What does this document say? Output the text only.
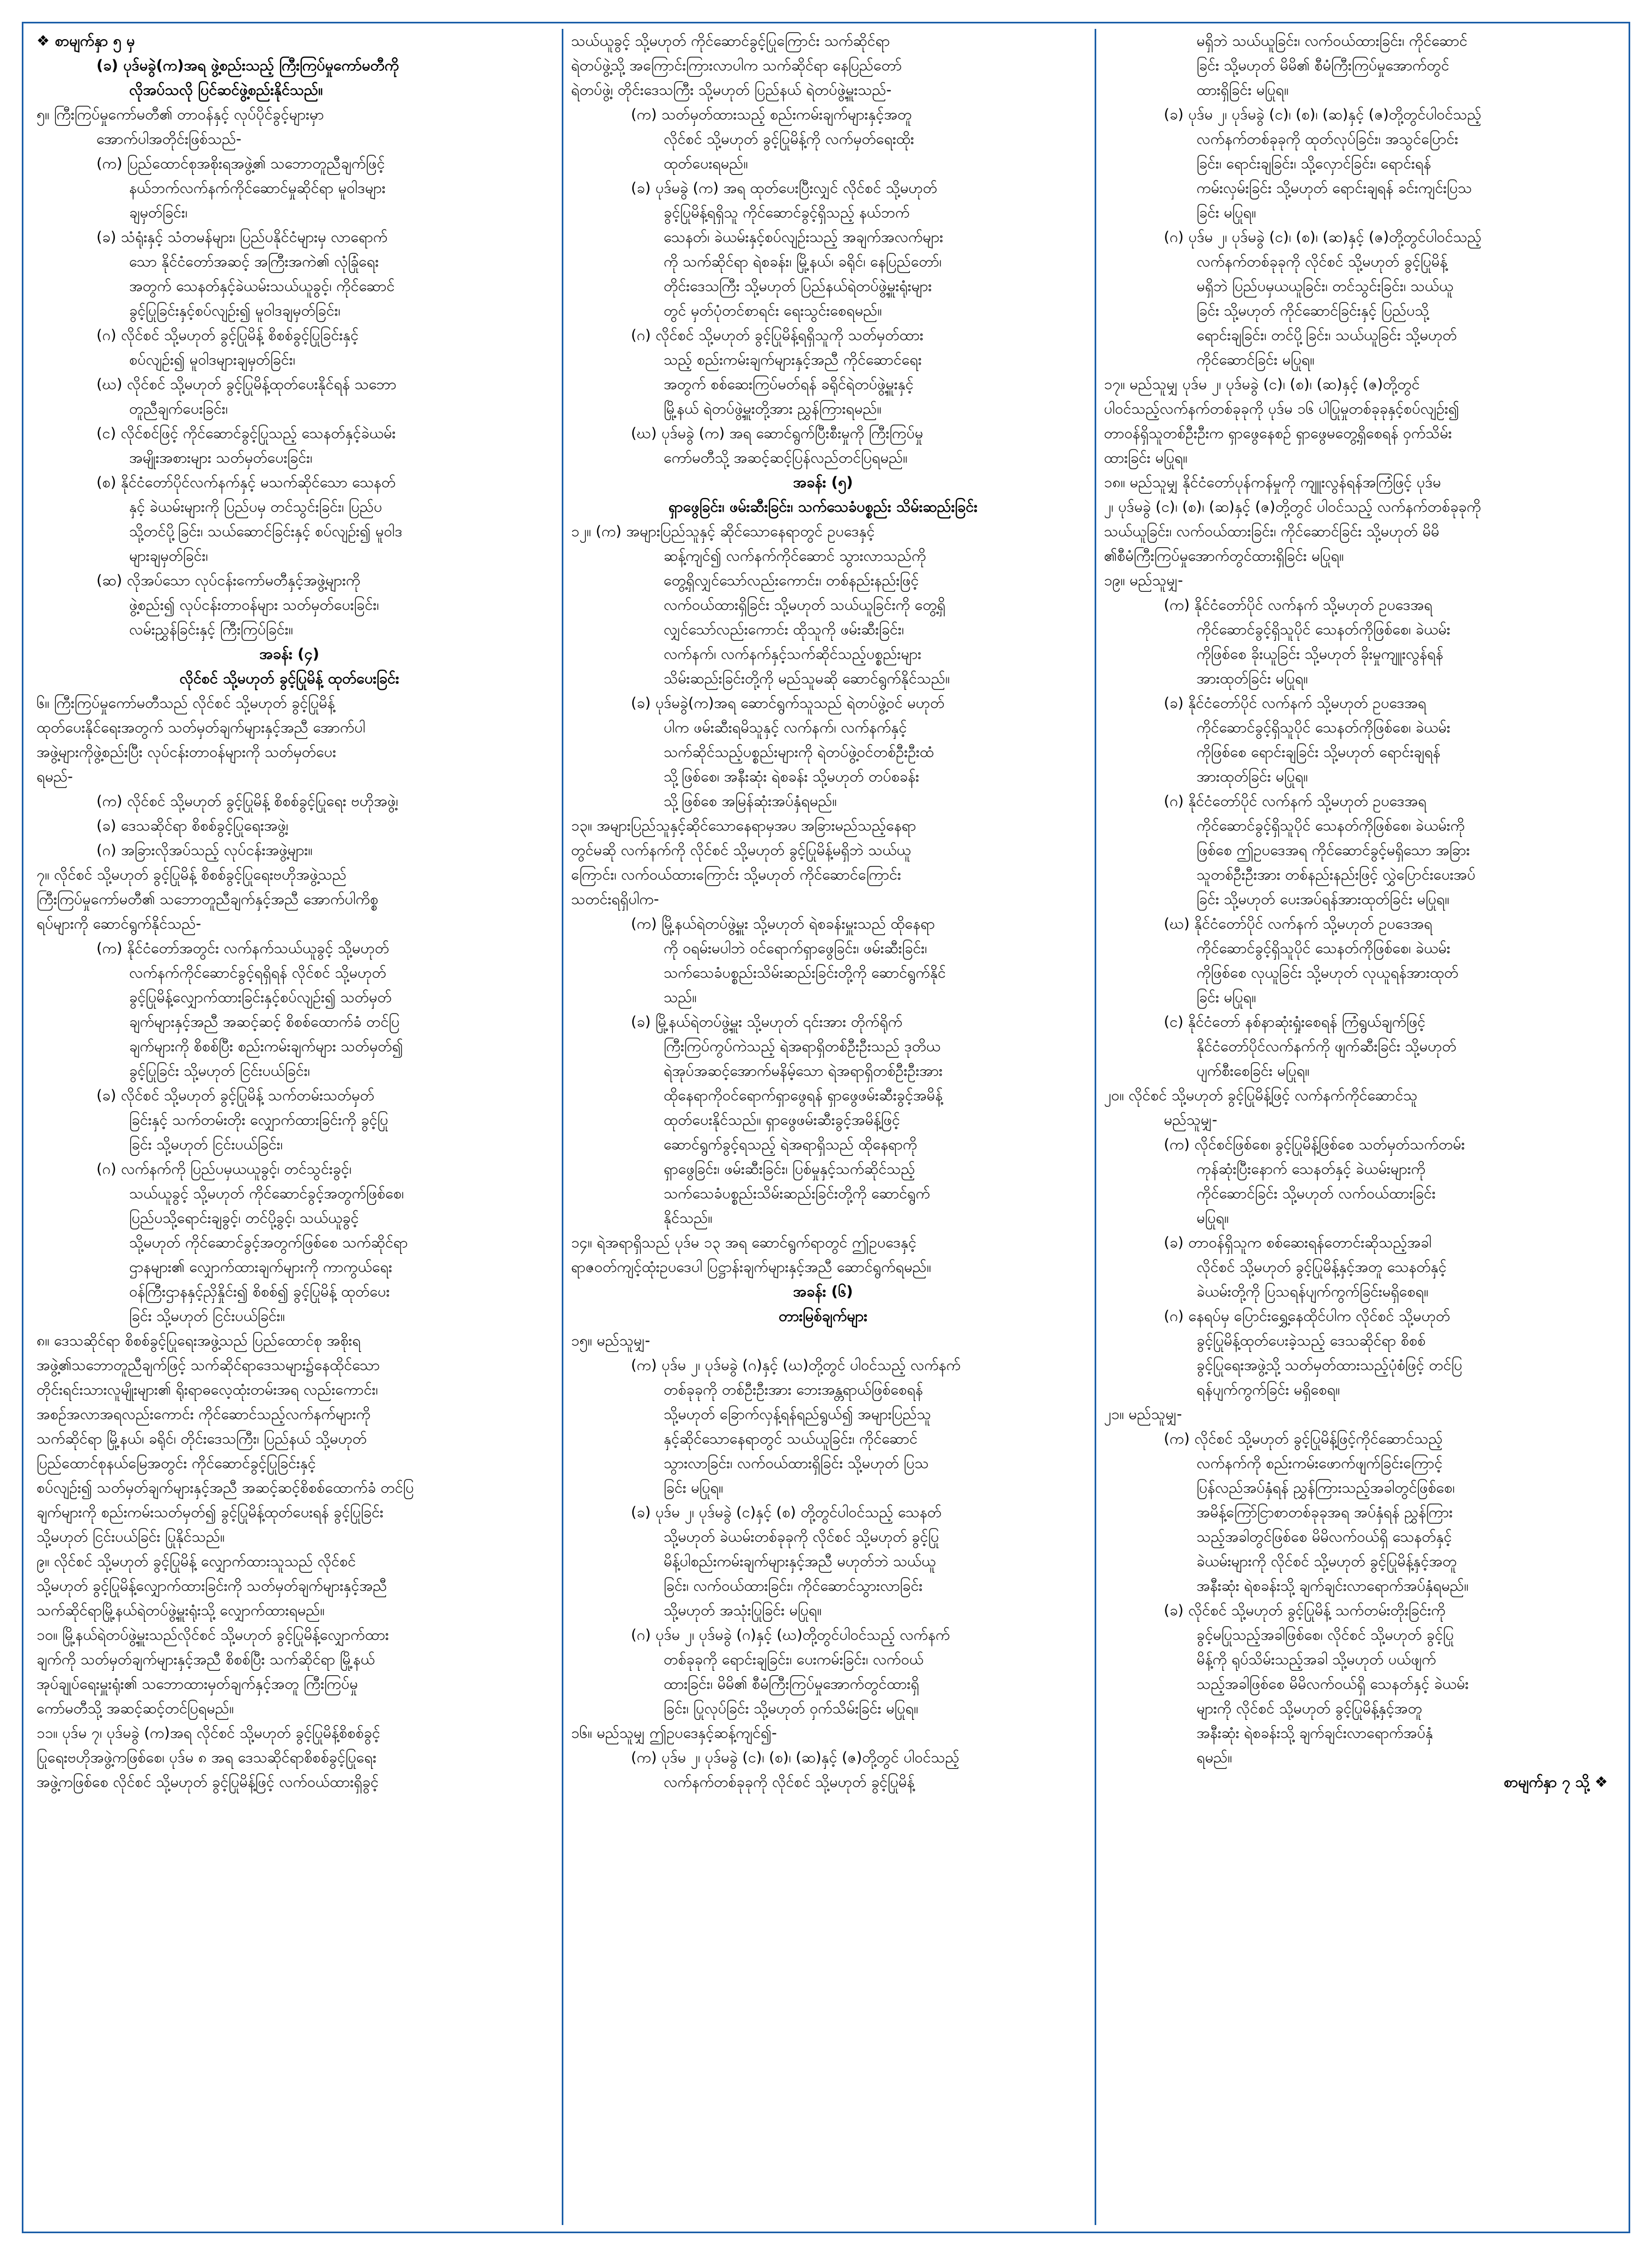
❖ စာမျက်နှာ ၅ မှ
(ခ) ပုဒ်မခွဲ(က)အရ ဖွဲ့စည်းသည့် ကြီးကြပ်မှုကော်မတီကို
လိုအပ်သလို ပြင်ဆင်ဖွဲ့စည်းနိုင်သည်။
၅။ ကြီးကြပ်မှုကော်မတီ၏ တာဝန်နှင့် လုပ်ပိုင်ခွင့်များမှာ
အောက်ပါအတိုင်းဖြစ်သည်-
(က) ပြည်ထောင်စုအစိုးရအဖွဲ့၏ သဘောတူညီချက်ဖြင့်
နယ်ဘက်လက်နက်ကိုင်ဆောင်မှုဆိုင်ရာ မူဝါဒများ
ချမှတ်ခြင်း၊
(ခ) သံရုံးနှင့် သံတမန်များ၊ ပြည်ပနိုင်ငံများမှ လာရောက်
သော နိုင်ငံတော်အဆင့် အကြီးအကဲ၏ လုံခြုံရေး
အတွက် သေနတ်နှင့်ခဲယမ်းသယ်ယူခွင့်၊ ကိုင်ဆောင်
ခွင့်ပြုခြင်းနှင့်စပ်လျဉ်း၍ မူဝါဒချမှတ်ခြင်း၊
(ဂ) လိုင်စင် သို့မဟုတ် ခွင့်ပြုမိန့် စိစစ်ခွင့်ပြုခြင်းနှင့်
စပ်လျဉ်း၍ မူဝါဒများချမှတ်ခြင်း၊
(ဃ) လိုင်စင် သို့မဟုတ် ခွင့်ပြုမိန့်ထုတ်ပေးနိုင်ရန် သဘော
တူညီချက်ပေးခြင်း၊
(င) လိုင်စင်ဖြင့် ကိုင်ဆောင်ခွင့်ပြုသည့် သေနတ်နှင့်ခဲယမ်း
အမျိုးအစားများ သတ်မှတ်ပေးခြင်း၊
(စ) နိုင်ငံတော်ပိုင်လက်နက်နှင့် မသက်ဆိုင်သော သေနတ်
နှင့် ခဲယမ်းများကို ပြည်ပမှ တင်သွင်းခြင်း၊ ပြည်ပ
သို့တင်ပို့ခြင်း၊ သယ်ဆောင်ခြင်းနှင့် စပ်လျဉ်း၍ မူဝါဒ
များချမှတ်ခြင်း၊
(ဆ) လိုအပ်သော လုပ်ငန်းကော်မတီနှင့်အဖွဲ့များကို
ဖွဲ့စည်း၍ လုပ်ငန်းတာဝန်များ သတ်မှတ်ပေးခြင်း၊
လမ်းညွှန်ခြင်းနှင့် ကြီးကြပ်ခြင်း။
အခန်း (၄)
လိုင်စင် သို့မဟုတ် ခွင့်ပြုမိန့် ထုတ်ပေးခြင်း
၆။ ကြီးကြပ်မှုကော်မတီသည် လိုင်စင် သို့မဟုတ် ခွင့်ပြုမိန့်
ထုတ်ပေးနိုင်ရေးအတွက် သတ်မှတ်ချက်များနှင့်အညီ အောက်ပါ
အဖွဲ့များကိုဖွဲ့စည်းပြီး လုပ်ငန်းတာဝန်များကို သတ်မှတ်ပေး
ရမည်-
(က) လိုင်စင် သို့မဟုတ် ခွင့်ပြုမိန့် စိစစ်ခွင့်ပြုရေး ဗဟိုအဖွဲ့၊
(ခ) ဒေသဆိုင်ရာ စိစစ်ခွင့်ပြုရေးအဖွဲ့၊
(ဂ) အခြားလိုအပ်သည့် လုပ်ငန်းအဖွဲ့များ။
၇။ လိုင်စင် သို့မဟုတ် ခွင့်ပြုမိန့် စိစစ်ခွင့်ပြုရေးဗဟိုအဖွဲ့သည်
ကြီးကြပ်မှုကော်မတီ၏ သဘောတူညီချက်နှင့်အညီ အောက်ပါကိစ္စ
ရပ်များကို ဆောင်ရွက်နိုင်သည်-
(က) နိုင်ငံတော်အတွင်း လက်နက်သယ်ယူခွင့် သို့မဟုတ်
လက်နက်ကိုင်ဆောင်ခွင့်ရရှိရန် လိုင်စင် သို့မဟုတ်
ခွင့်ပြုမိန့်လျှောက်ထားခြင်းနှင့်စပ်လျဉ်း၍ သတ်မှတ်
ချက်များနှင့်အညီ အဆင့်ဆင့် စိစစ်ထောက်ခံ တင်ပြ
ချက်များကို စိစစ်ပြီး စည်းကမ်းချက်များ သတ်မှတ်၍
ခွင့်ပြုခြင်း သို့မဟုတ် ငြင်းပယ်ခြင်း၊
(ခ) လိုင်စင် သို့မဟုတ် ခွင့်ပြုမိန့် သက်တမ်းသတ်မှတ်
ခြင်းနှင့် သက်တမ်းတိုး လျှောက်ထားခြင်းကို ခွင့်ပြု
ခြင်း သို့မဟုတ် ငြင်းပယ်ခြင်း၊
(ဂ) လက်နက်ကို ပြည်ပမှယယူခွင့်၊ တင်သွင်းခွင့်၊
သယ်ယူခွင့် သို့မဟုတ် ကိုင်ဆောင်ခွင့်အတွက်ဖြစ်စေ၊
ပြည်ပသို့ရောင်းချခွင့်၊ တင်ပို့ခွင့်၊ သယ်ယူခွင့်
သို့မဟုတ် ကိုင်ဆောင်ခွင့်အတွက်ဖြစ်စေ သက်ဆိုင်ရာ
ဌာနများ၏ လျှောက်ထားချက်များကို ကာကွယ်ရေး
ဝန်ကြီးဌာနနှင့်ညှိနှိုင်း၍ စိစစ်၍ ခွင့်ပြုမိန့် ထုတ်ပေး
ခြင်း သို့မဟုတ် ငြင်းပယ်ခြင်း။
၈။ ဒေသဆိုင်ရာ စိစစ်ခွင့်ပြုရေးအဖွဲ့သည် ပြည်ထောင်စု အစိုးရ
အဖွဲ့၏သဘောတူညီချက်ဖြင့် သက်ဆိုင်ရာဒေသများ၌နေထိုင်သော
တိုင်းရင်းသားလူမျိုးများ၏ ရိုးရာဓလေ့ထုံးတမ်းအရ လည်းကောင်း၊
အစဉ်အလာအရလည်းကောင်း ကိုင်ဆောင်သည့်လက်နက်များကို
သက်ဆိုင်ရာ မြို့နယ်၊ ခရိုင်၊ တိုင်းဒေသကြီး၊ ပြည်နယ် သို့မဟုတ်
ပြည်ထောင်စုနယ်မြေအတွင်း ကိုင်ဆောင်ခွင့်ပြုခြင်းနှင့်
စပ်လျဉ်း၍ သတ်မှတ်ချက်များနှင့်အညီ အဆင့်ဆင့်စိစစ်ထောက်ခံ တင်ပြ
ချက်များကို စည်းကမ်းသတ်မှတ်၍ ခွင့်ပြုမိန့်ထုတ်ပေးရန် ခွင့်ပြုခြင်း
သို့မဟုတ် ငြင်းပယ်ခြင်း ပြုနိုင်သည်။
၉။ လိုင်စင် သို့မဟုတ် ခွင့်ပြုမိန့် လျှောက်ထားသူသည် လိုင်စင်
သို့မဟုတ် ခွင့်ပြုမိန့်လျှောက်ထားခြင်းကို သတ်မှတ်ချက်များနှင့်အညီ
သက်ဆိုင်ရာမြို့နယ်ရဲတပ်ဖွဲ့မှူးရုံးသို့ လျှောက်ထားရမည်။
၁၀။ မြို့နယ်ရဲတပ်ဖွဲ့မှူးသည်လိုင်စင် သို့မဟုတ် ခွင့်ပြုမိန့်လျှောက်ထား
ချက်ကို သတ်မှတ်ချက်များနှင့်အညီ စိစစ်ပြီး သက်ဆိုင်ရာ မြို့နယ်
အုပ်ချုပ်ရေးမှူးရုံး၏ သဘောထားမှတ်ချက်နှင့်အတူ ကြီးကြပ်မှု
ကော်မတီသို့ အဆင့်ဆင့်တင်ပြရမည်။
၁၁။ ပုဒ်မ ၇၊ ပုဒ်မခွဲ (က)အရ လိုင်စင် သို့မဟုတ် ခွင့်ပြုမိန့်စိစစ်ခွင့်
ပြုရေးဗဟိုအဖွဲ့ကဖြစ်စေ၊ ပုဒ်မ ၈ အရ ဒေသဆိုင်ရာစိစစ်ခွင့်ပြုရေး
အဖွဲ့ကဖြစ်စေ လိုင်စင် သို့မဟုတ် ခွင့်ပြုမိန့်ဖြင့် လက်ဝယ်ထားရှိခွင့်
သယ်ယူခွင့် သို့မဟုတ် ကိုင်ဆောင်ခွင့်ပြုကြောင်း သက်ဆိုင်ရာ
ရဲတပ်ဖွဲ့သို့ အကြောင်းကြားလာပါက သက်ဆိုင်ရာ နေပြည်တော်
ရဲတပ်ဖွဲ့၊ တိုင်းဒေသကြီး သို့မဟုတ် ပြည်နယ် ရဲတပ်ဖွဲ့မှူးသည်-
(က) သတ်မှတ်ထားသည့် စည်းကမ်းချက်များနှင့်အတူ
လိုင်စင် သို့မဟုတ် ခွင့်ပြုမိန့်ကို လက်မှတ်ရေးထိုး
ထုတ်ပေးရမည်။
(ခ) ပုဒ်မခွဲ (က) အရ ထုတ်ပေးပြီးလျှင် လိုင်စင် သို့မဟုတ်
ခွင့်ပြုမိန့်ရရှိသူ ကိုင်ဆောင်ခွင့်ရှိသည့် နယ်ဘက်
သေနတ်၊ ခဲယမ်းနှင့်စပ်လျဉ်းသည့် အချက်အလက်များ
ကို သက်ဆိုင်ရာ ရဲစခန်း၊ မြို့နယ်၊ ခရိုင်၊ နေပြည်တော်၊
တိုင်းဒေသကြီး သို့မဟုတ် ပြည်နယ်ရဲတပ်ဖွဲ့မှူးရုံးများ
တွင် မှတ်ပုံတင်စာရင်း ရေးသွင်းစေရမည်။
(ဂ) လိုင်စင် သို့မဟုတ် ခွင့်ပြုမိန့်ရရှိသူကို သတ်မှတ်ထား
သည့် စည်းကမ်းချက်များနှင့်အညီ ကိုင်ဆောင်ရေး
အတွက် စစ်ဆေးကြပ်မတ်ရန် ခရိုင်ရဲတပ်ဖွဲ့မှူးနှင့်
မြို့နယ် ရဲတပ်ဖွဲ့မှူးတို့အား ညွှန်ကြားရမည်။
(ဃ) ပုဒ်မခွဲ (က) အရ ဆောင်ရွက်ပြီးစီးမှုကို ကြီးကြပ်မှု
ကော်မတီသို့ အဆင့်ဆင့်ပြန်လည်တင်ပြရမည်။
အခန်း (၅)
ရှာဖွေခြင်း၊ ဖမ်းဆီးခြင်း၊ သက်သေခံပစ္စည်း သိမ်းဆည်းခြင်း
၁၂။ (က) အများပြည်သူနှင့် ဆိုင်သောနေရာတွင် ဥပဒေနှင့်
ဆန့်ကျင်၍ လက်နက်ကိုင်ဆောင် သွားလာသည်ကို
တွေ့ရှိလျှင်သော်လည်းကောင်း၊ တစ်နည်းနည်းဖြင့်
လက်ဝယ်ထားရှိခြင်း သို့မဟုတ် သယ်ယူခြင်းကို တွေ့ရှိ
လျှင်သော်လည်းကောင်း ထိုသူကို ဖမ်းဆီးခြင်း၊
လက်နက်၊ လက်နက်နှင့်သက်ဆိုင်သည့်ပစ္စည်းများ
သိမ်းဆည်းခြင်းတို့ကို မည်သူမဆို ဆောင်ရွက်နိုင်သည်။
(ခ) ပုဒ်မခွဲ(က)အရ ဆောင်ရွက်သူသည် ရဲတပ်ဖွဲ့ဝင် မဟုတ်
ပါက ဖမ်းဆီးရမိသူနှင့် လက်နက်၊ လက်နက်နှင့်
သက်ဆိုင်သည့်ပစ္စည်းများကို ရဲတပ်ဖွဲ့ဝင်တစ်ဦးဦးထံ
သို့ဖြစ်စေ၊ အနီးဆုံး ရဲစခန်း သို့မဟုတ် တပ်စခန်း
သို့ဖြစ်စေ အမြန်ဆုံးအပ်နှံရမည်။
၁၃။ အများပြည်သူနှင့်ဆိုင်သောနေရာမှအပ အခြားမည်သည့်နေရာ
တွင်မဆို လက်နက်ကို လိုင်စင် သို့မဟုတ် ခွင့်ပြုမိန့်မရှိဘဲ သယ်ယူ
ကြောင်း၊ လက်ဝယ်ထားကြောင်း သို့မဟုတ် ကိုင်ဆောင်ကြောင်း
သတင်းရရှိပါက-
(က) မြို့နယ်ရဲတပ်ဖွဲ့မှူး သို့မဟုတ် ရဲစခန်းမှူးသည် ထိုနေရာ
ကို ဝရမ်းမပါဘဲ ဝင်ရောက်ရှာဖွေခြင်း၊ ဖမ်းဆီးခြင်း၊
သက်သေခံပစ္စည်းသိမ်းဆည်းခြင်းတို့ကို ဆောင်ရွက်နိုင်
သည်။
(ခ) မြို့နယ်ရဲတပ်ဖွဲ့မှူး သို့မဟုတ် ၎င်းအား တိုက်ရိုက်
ကြီးကြပ်ကွပ်ကဲသည့် ရဲအရာရှိတစ်ဦးဦးသည် ဒုတိယ
ရဲအုပ်အဆင့်အောက်မနိမ့်သော ရဲအရာရှိတစ်ဦးဦးအား
ထိုနေရာကိုဝင်ရောက်ရှာဖွေရန် ရှာဖွေဖမ်းဆီးခွင့်အမိန့်
ထုတ်ပေးနိုင်သည်။ ရှာဖွေဖမ်းဆီးခွင့်အမိန့်ဖြင့်
ဆောင်ရွက်ခွင့်ရသည့် ရဲအရာရှိသည် ထိုနေရာကို
ရှာဖွေခြင်း၊ ဖမ်းဆီးခြင်း၊ ပြစ်မှုနှင့်သက်ဆိုင်သည့်
သက်သေခံပစ္စည်းသိမ်းဆည်းခြင်းတို့ကို ဆောင်ရွက်
နိုင်သည်။
၁၄။ ရဲအရာရှိသည် ပုဒ်မ ၁၃ အရ ဆောင်ရွက်ရာတွင် ဤဥပဒေနှင့်
ရာဇဝတ်ကျင့်ထုံးဥပဒေပါ ပြဋ္ဌာန်းချက်များနှင့်အညီ ဆောင်ရွက်ရမည်။
အခန်း (၆)
တားမြစ်ချက်များ
၁၅။ မည်သူမျှ-
(က) ပုဒ်မ ၂၊ ပုဒ်မခွဲ (ဂ)နှင့် (ဃ)တို့တွင် ပါဝင်သည့် လက်နက်
တစ်ခုခုကို တစ်ဦးဦးအား ဘေးအန္တရာယ်ဖြစ်စေရန်
သို့မဟုတ် ခြောက်လှန့်ရန်ရည်ရွယ်၍ အများပြည်သူ
နှင့်ဆိုင်သောနေရာတွင် သယ်ယူခြင်း၊ ကိုင်ဆောင်
သွားလာခြင်း၊ လက်ဝယ်ထားရှိခြင်း သို့မဟုတ် ပြသ
ခြင်း မပြုရ။
(ခ) ပုဒ်မ ၂၊ ပုဒ်မခွဲ (င)နှင့် (စ) တို့တွင်ပါဝင်သည့် သေနတ်
သို့မဟုတ် ခဲယမ်းတစ်ခုခုကို လိုင်စင် သို့မဟုတ် ခွင့်ပြု
မိန့်ပါစည်းကမ်းချက်များနှင့်အညီ မဟုတ်ဘဲ သယ်ယူ
ခြင်း၊ လက်ဝယ်ထားခြင်း၊ ကိုင်ဆောင်သွားလာခြင်း
သို့မဟုတ် အသုံးပြုခြင်း မပြုရ။
(ဂ) ပုဒ်မ ၂၊ ပုဒ်မခွဲ (ဂ)နှင့် (ဃ)တို့တွင်ပါဝင်သည့် လက်နက်
တစ်ခုခုကို ရောင်းချခြင်း၊ ပေးကမ်းခြင်း၊ လက်ဝယ်
ထားခြင်း၊ မိမိ၏ စီမံကြီးကြပ်မှုအောက်တွင်ထားရှိ
ခြင်း၊ ပြုလုပ်ခြင်း သို့မဟုတ် ဝှက်သိမ်းခြင်း မပြုရ။
၁၆။ မည်သူမျှ ဤဥပဒေနှင့်ဆန့်ကျင်၍-
(က) ပုဒ်မ ၂၊ ပုဒ်မခွဲ (င)၊ (စ)၊ (ဆ)နှင့် (ဇ)တို့တွင် ပါဝင်သည့်
လက်နက်တစ်ခုခုကို လိုင်စင် သို့မဟုတ် ခွင့်ပြုမိန့်
မရှိဘဲ သယ်ယူခြင်း၊ လက်ဝယ်ထားခြင်း၊ ကိုင်ဆောင်
ခြင်း သို့မဟုတ် မိမိ၏ စီမံကြီးကြပ်မှုအောက်တွင်
ထားရှိခြင်း မပြုရ။
(ခ) ပုဒ်မ ၂၊ ပုဒ်မခွဲ (င)၊ (စ)၊ (ဆ)နှင့် (ဇ)တို့တွင်ပါဝင်သည့်
လက်နက်တစ်ခုခုကို ထုတ်လုပ်ခြင်း၊ အသွင်ပြောင်း
ခြင်း၊ ရောင်းချခြင်း၊ သို့လှောင်ခြင်း၊ ရောင်းရန်
ကမ်းလှမ်းခြင်း သို့မဟုတ် ရောင်းချရန် ခင်းကျင်းပြသ
ခြင်း မပြုရ။
(ဂ) ပုဒ်မ ၂၊ ပုဒ်မခွဲ (င)၊ (စ)၊ (ဆ)နှင့် (ဇ)တို့တွင်ပါဝင်သည့်
လက်နက်တစ်ခုခုကို လိုင်စင် သို့မဟုတ် ခွင့်ပြုမိန့်
မရှိဘဲ ပြည်ပမှယယူခြင်း၊ တင်သွင်းခြင်း၊ သယ်ယူ
ခြင်း သို့မဟုတ် ကိုင်ဆောင်ခြင်းနှင့် ပြည်ပသို့
ရောင်းချခြင်း၊ တင်ပို့ခြင်း၊ သယ်ယူခြင်း သို့မဟုတ်
ကိုင်ဆောင်ခြင်း မပြုရ။
၁၇။ မည်သူမျှ ပုဒ်မ ၂၊ ပုဒ်မခွဲ (င)၊ (စ)၊ (ဆ)နှင့် (ဇ)တို့တွင်
ပါဝင်သည့်လက်နက်တစ်ခုခုကို ပုဒ်မ ၁၆ ပါပြုမှုတစ်ခုခုနှင့်စပ်လျဉ်း၍
တာဝန်ရှိသူတစ်ဦးဦးက ရှာဖွေနေစဉ် ရှာဖွေမတွေ့ရှိစေရန် ဝှက်သိမ်း
ထားခြင်း မပြုရ။
၁၈။ မည်သူမျှ နိုင်ငံတော်ပုန်ကန်မှုကို ကျူးလွန်ရန်အကြံဖြင့် ပုဒ်မ
၂၊ ပုဒ်မခွဲ (င)၊ (စ)၊ (ဆ)နှင့် (ဇ)တို့တွင် ပါဝင်သည့် လက်နက်တစ်ခုခုကို
သယ်ယူခြင်း၊ လက်ဝယ်ထားခြင်း၊ ကိုင်ဆောင်ခြင်း သို့မဟုတ် မိမိ
၏စီမံကြီးကြပ်မှုအောက်တွင်ထားရှိခြင်း မပြုရ။
၁၉။ မည်သူမျှ-
(က) နိုင်ငံတော်ပိုင် လက်နက် သို့မဟုတ် ဥပဒေအရ
ကိုင်ဆောင်ခွင့်ရှိသူပိုင် သေနတ်ကိုဖြစ်စေ၊ ခဲယမ်း
ကိုဖြစ်စေ ခိုးယူခြင်း သို့မဟုတ် ခိုးမှုကျူးလွန်ရန်
အားထုတ်ခြင်း မပြုရ။
(ခ) နိုင်ငံတော်ပိုင် လက်နက် သို့မဟုတ် ဥပဒေအရ
ကိုင်ဆောင်ခွင့်ရှိသူပိုင် သေနတ်ကိုဖြစ်စေ၊ ခဲယမ်း
ကိုဖြစ်စေ ရောင်းချခြင်း သို့မဟုတ် ရောင်းချရန်
အားထုတ်ခြင်း မပြုရ။
(ဂ) နိုင်ငံတော်ပိုင် လက်နက် သို့မဟုတ် ဥပဒေအရ
ကိုင်ဆောင်ခွင့်ရှိသူပိုင် သေနတ်ကိုဖြစ်စေ၊ ခဲယမ်းကို
ဖြစ်စေ ဤဥပဒေအရ ကိုင်ဆောင်ခွင့်မရှိသော အခြား
သူတစ်ဦးဦးအား တစ်နည်းနည်းဖြင့် လွှဲပြောင်းပေးအပ်
ခြင်း သို့မဟုတ် ပေးအပ်ရန်အားထုတ်ခြင်း မပြုရ။
(ဃ) နိုင်ငံတော်ပိုင် လက်နက် သို့မဟုတ် ဥပဒေအရ
ကိုင်ဆောင်ခွင့်ရှိသူပိုင် သေနတ်ကိုဖြစ်စေ၊ ခဲယမ်း
ကိုဖြစ်စေ လုယူခြင်း သို့မဟုတ် လုယူရန်အားထုတ်
ခြင်း မပြုရ။
(င) နိုင်ငံတော် နစ်နာဆုံးရှုံးစေရန် ကြံရွယ်ချက်ဖြင့်
နိုင်ငံတော်ပိုင်လက်နက်ကို ဖျက်ဆီးခြင်း သို့မဟုတ်
ပျက်စီးစေခြင်း မပြုရ။
၂၀။ လိုင်စင် သို့မဟုတ် ခွင့်ပြုမိန့်ဖြင့် လက်နက်ကိုင်ဆောင်သူ
မည်သူမျှ-
(က) လိုင်စင်ဖြစ်စေ၊ ခွင့်ပြုမိန့်ဖြစ်စေ သတ်မှတ်သက်တမ်း
ကုန်ဆုံးပြီးနောက် သေနတ်နှင့် ခဲယမ်းများကို
ကိုင်ဆောင်ခြင်း သို့မဟုတ် လက်ဝယ်ထားခြင်း
မပြုရ။
(ခ) တာဝန်ရှိသူက စစ်ဆေးရန်တောင်းဆိုသည့်အခါ
လိုင်စင် သို့မဟုတ် ခွင့်ပြုမိန့်နှင့်အတူ သေနတ်နှင့်
ခဲယမ်းတို့ကို ပြသရန်ပျက်ကွက်ခြင်းမရှိစေရ။
(ဂ) နေရပ်မှ ပြောင်းရွှေ့နေထိုင်ပါက လိုင်စင် သို့မဟုတ်
ခွင့်ပြုမိန့်ထုတ်ပေးခဲ့သည့် ဒေသဆိုင်ရာ စိစစ်
ခွင့်ပြုရေးအဖွဲ့သို့ သတ်မှတ်ထားသည့်ပုံစံဖြင့် တင်ပြ
ရန်ပျက်ကွက်ခြင်း မရှိစေရ။
၂၁။ မည်သူမျှ-
(က) လိုင်စင် သို့မဟုတ် ခွင့်ပြုမိန့်ဖြင့်ကိုင်ဆောင်သည့်
လက်နက်ကို စည်းကမ်းဖောက်ဖျက်ခြင်းကြောင့်
ပြန်လည်အပ်နှံရန် ညွှန်ကြားသည့်အခါတွင်ဖြစ်စေ၊
အမိန့်ကြော်ငြာစာတစ်ခုခုအရ အပ်နှံရန် ညွှန်ကြား
သည့်အခါတွင်ဖြစ်စေ မိမိလက်ဝယ်ရှိ သေနတ်နှင့်
ခဲယမ်းများကို လိုင်စင် သို့မဟုတ် ခွင့်ပြုမိန့်နှင့်အတူ
အနီးဆုံး ရဲစခန်းသို့ ချက်ချင်းလာရောက်အပ်နှံရမည်။
(ခ) လိုင်စင် သို့မဟုတ် ခွင့်ပြုမိန့် သက်တမ်းတိုးခြင်းကို
ခွင့်မပြုသည့်အခါဖြစ်စေ၊ လိုင်စင် သို့မဟုတ် ခွင့်ပြု
မိန့်ကို ရုပ်သိမ်းသည့်အခါ သို့မဟုတ် ပယ်ဖျက်
သည့်အခါဖြစ်စေ မိမိလက်ဝယ်ရှိ သေနတ်နှင့် ခဲယမ်း
များကို လိုင်စင် သို့မဟုတ် ခွင့်ပြုမိန့်နှင့်အတူ
အနီးဆုံး ရဲစခန်းသို့ ချက်ချင်းလာရောက်အပ်နှံ
ရမည်။
စာမျက်နှာ ၇ သို့ ❖
